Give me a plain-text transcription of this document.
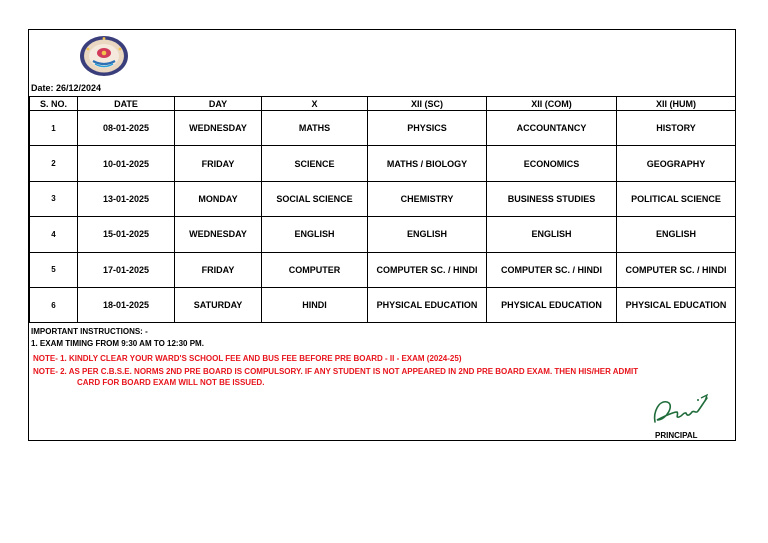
Date: 26/12/2024
S. NO.	DATE	DAY	X	XII (SC)	XII (COM)	XII (HUM)
1	08-01-2025	WEDNESDAY	MATHS	PHYSICS	ACCOUNTANCY	HISTORY
2	10-01-2025	FRIDAY	SCIENCE	MATHS / BIOLOGY	ECONOMICS	GEOGRAPHY
3	13-01-2025	MONDAY	SOCIAL SCIENCE	CHEMISTRY	BUSINESS STUDIES	POLITICAL SCIENCE
4	15-01-2025	WEDNESDAY	ENGLISH	ENGLISH	ENGLISH	ENGLISH
5	17-01-2025	FRIDAY	COMPUTER	COMPUTER SC. / HINDI	COMPUTER SC. / HINDI	COMPUTER SC. / HINDI
6	18-01-2025	SATURDAY	HINDI	PHYSICAL EDUCATION	PHYSICAL EDUCATION	PHYSICAL EDUCATION
IMPORTANT INSTRUCTIONS: -
1. EXAM TIMING FROM 9:30 AM TO 12:30 PM.
NOTE- 1. KINDLY CLEAR YOUR WARD'S SCHOOL FEE AND BUS FEE BEFORE PRE BOARD - II - EXAM (2024-25)
NOTE- 2. AS PER C.B.S.E. NORMS 2ND PRE BOARD IS COMPULSORY. IF ANY STUDENT IS NOT APPEARED IN 2ND PRE BOARD EXAM. THEN HIS/HER ADMIT
CARD FOR BOARD EXAM WILL NOT BE ISSUED.
PRINCIPAL
